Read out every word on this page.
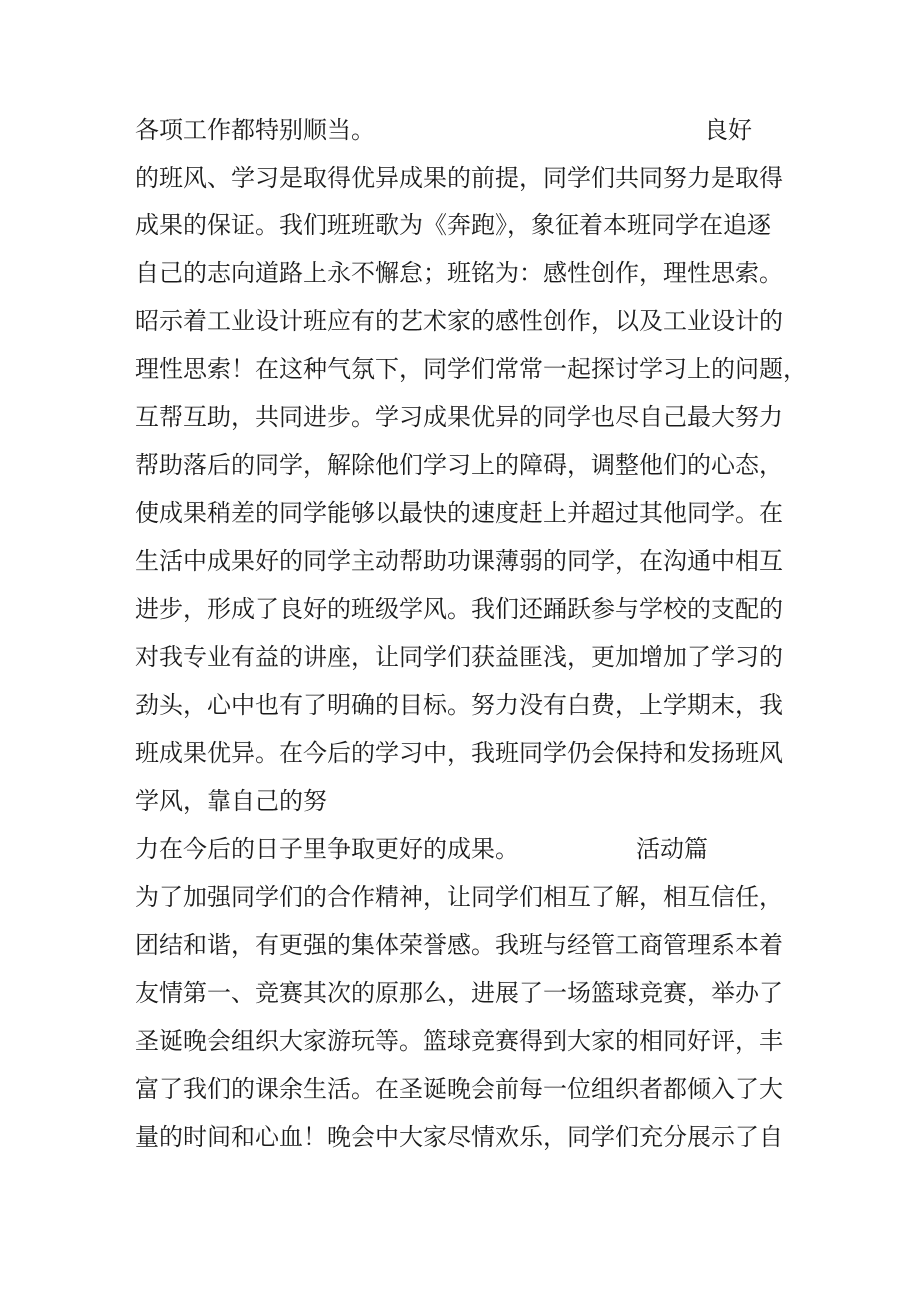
各项工作都特别顺当。	良好
的班风、学习是取得优异成果的前提，同学们共同努力是取得
成果的保证。我们班班歌为《奔跑》，象征着本班同学在追逐
自己的志向道路上永不懈怠；班铭为：感性创作，理性思索。
昭示着工业设计班应有的艺术家的感性创作，以及工业设计的
理性思索！在这种气氛下，同学们常常一起探讨学习上的问题，
互帮互助，共同进步。学习成果优异的同学也尽自己最大努力
帮助落后的同学，解除他们学习上的障碍，调整他们的心态，
使成果稍差的同学能够以最快的速度赶上并超过其他同学。在
生活中成果好的同学主动帮助功课薄弱的同学，在沟通中相互
进步，形成了良好的班级学风。我们还踊跃参与学校的支配的
对我专业有益的讲座，让同学们获益匪浅，更加增加了学习的
劲头，心中也有了明确的目标。努力没有白费，上学期末，我
班成果优异。在今后的学习中，我班同学仍会保持和发扬班风
学风，靠自己的努
力在今后的日子里争取更好的成果。	活动篇
为了加强同学们的合作精神，让同学们相互了解，相互信任，
团结和谐，有更强的集体荣誉感。我班与经管工商管理系本着
友情第一、竞赛其次的原那么，进展了一场篮球竞赛，举办了
圣诞晚会组织大家游玩等。篮球竞赛得到大家的相同好评，丰
富了我们的课余生活。在圣诞晚会前每一位组织者都倾入了大
量的时间和心血！晚会中大家尽情欢乐，同学们充分展示了自
